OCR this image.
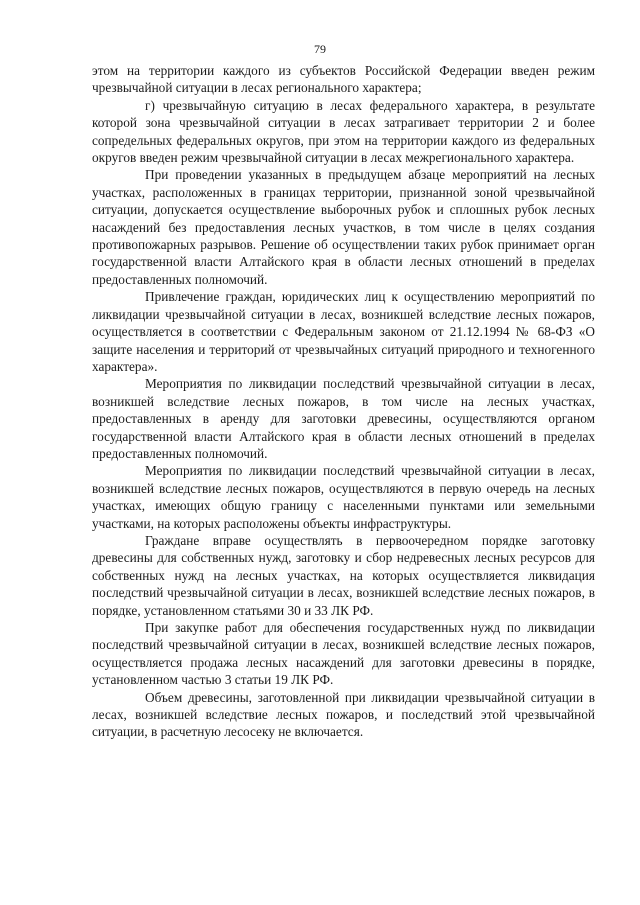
79

этом на территории каждого из субъектов Российской Федерации введен режим чрезвычайной ситуации в лесах регионального характера;

г) чрезвычайную ситуацию в лесах федерального характера, в результате которой зона чрезвычайной ситуации в лесах затрагивает территории 2 и более сопредельных федеральных округов, при этом на территории каждого из федеральных округов введен режим чрезвычайной ситуации в лесах межрегионального характера.

При проведении указанных в предыдущем абзаце мероприятий на лесных участках, расположенных в границах территории, признанной зоной чрезвычайной ситуации, допускается осуществление выборочных рубок и сплошных рубок лесных насаждений без предоставления лесных участков, в том числе в целях создания противопожарных разрывов. Решение об осуществлении таких рубок принимает орган государственной власти Алтайского края в области лесных отношений в пределах предоставленных полномочий.

Привлечение граждан, юридических лиц к осуществлению мероприятий по ликвидации чрезвычайной ситуации в лесах, возникшей вследствие лесных пожаров, осуществляется в соответствии с Федеральным законом от 21.12.1994 № 68-ФЗ «О защите населения и территорий от чрезвычайных ситуаций природного и техногенного характера».

Мероприятия по ликвидации последствий чрезвычайной ситуации в лесах, возникшей вследствие лесных пожаров, в том числе на лесных участках, предоставленных в аренду для заготовки древесины, осуществляются органом государственной власти Алтайского края в области лесных отношений в пределах предоставленных полномочий.

Мероприятия по ликвидации последствий чрезвычайной ситуации в лесах, возникшей вследствие лесных пожаров, осуществляются в первую очередь на лесных участках, имеющих общую границу с населенными пунктами или земельными участками, на которых расположены объекты инфраструктуры.

Граждане вправе осуществлять в первоочередном порядке заготовку древесины для собственных нужд, заготовку и сбор недревесных лесных ресурсов для собственных нужд на лесных участках, на которых осуществляется ликвидация последствий чрезвычайной ситуации в лесах, возникшей вследствие лесных пожаров, в порядке, установленном статьями 30 и 33 ЛК РФ.

При закупке работ для обеспечения государственных нужд по ликвидации последствий чрезвычайной ситуации в лесах, возникшей вследствие лесных пожаров, осуществляется продажа лесных насаждений для заготовки древесины в порядке, установленном частью 3 статьи 19 ЛК РФ.

Объем древесины, заготовленной при ликвидации чрезвычайной ситуации в лесах, возникшей вследствие лесных пожаров, и последствий этой чрезвычайной ситуации, в расчетную лесосеку не включается.
